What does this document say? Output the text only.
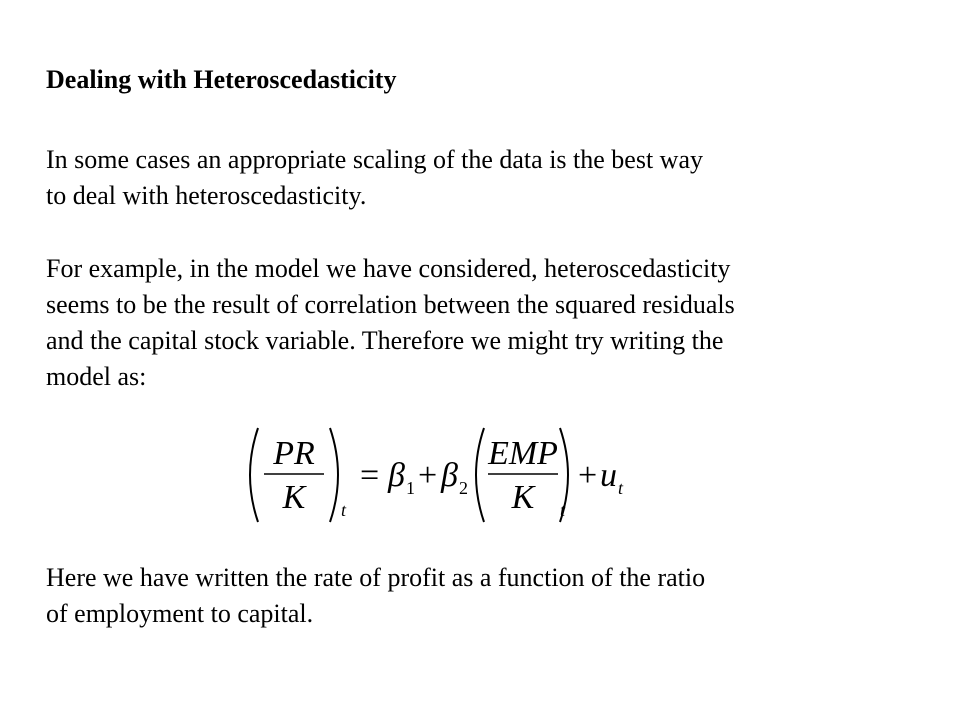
Dealing with Heteroscedasticity
In some cases an appropriate scaling of the data is the best way
to deal with heteroscedasticity.
For example, in the model we have considered, heteroscedasticity
seems to be the result of correlation between the squared residuals
and the capital stock variable. Therefore we might try writing the
model as:
PR
K t
= β 1 + β 2
EMP
K t
+ u t
Here we have written the rate of profit as a function of the ratio
of employment to capital.
